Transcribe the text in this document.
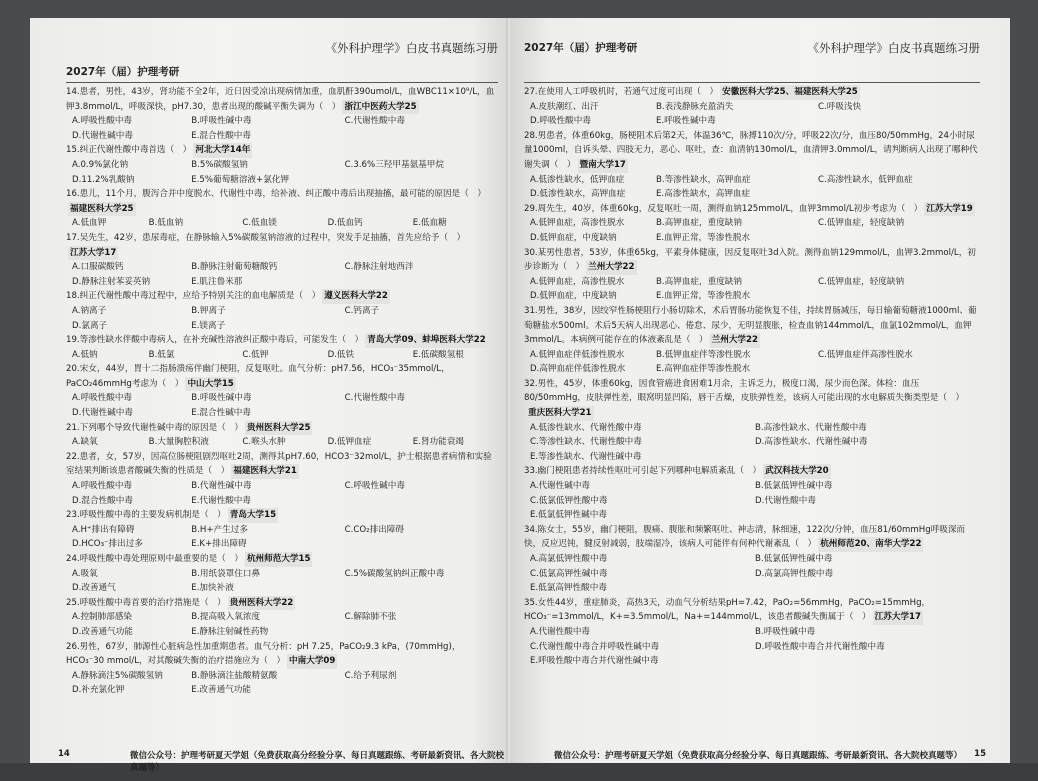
《外科护理学》白皮书真题练习册
2027年（届）护理考研
14.患者，男性，43岁，肾功能不全2年，近日因受凉出现病情加重，血肌酐390umol/L，血WBC11×10⁹/L，血钾3.8mmol/L，呼吸深快，pH7.30，患者出现的酸碱平衡失调为（　） 浙江中医药大学25
A.呼吸性酸中毒	B.呼吸性碱中毒	C.代谢性酸中毒
D.代谢性碱中毒	E.混合性酸中毒
15.纠正代谢性酸中毒首选（　） 河北大学14年
A.0.9%氯化钠	B.5%碳酸氢钠	C.3.6%三羟甲基氨基甲烷
D.11.2%乳酸钠	E.5%葡萄糖溶液+氯化钾
16.患儿，11个月，腹泻合并中度脱水、代谢性中毒，给补液、纠正酸中毒后出现抽搐，最可能的原因是（　）福建医科大学25
A.低血钾	B.低血钠	C.低血镁	D.低血钙	E.低血糖
17.吴先生，42岁，患尿毒症，在静脉输入5%碳酸氢钠溶液的过程中，突发手足抽搐，首先应给予（　）江苏大学17
A.口服碳酸钙	B.静脉注射葡萄糖酸钙	C.静脉注射地西泮
D.静脉注射苯妥英钠	E.肌注鲁米那
18.纠正代谢性酸中毒过程中，应给予特别关注的血电解质是（　） 遵义医科大学22
A.钠离子	B.钾离子	C.钙离子
D.氯离子	E.镁离子
19.等渗性缺水伴酸中毒病人，在补充碱性溶液纠正酸中毒后，可能发生（　） 青岛大学09、蚌埠医科大学22
A.低钠	B.低氯	C.低钾	D.低铁	E.低碳酸氢根
20.宋女，44岁，胃十二指肠溃疡伴幽门梗阻，反复呕吐。血气分析：pH7.56，HCO₃⁻35mmol/L，PaCO₂46mmHg考虑为（　） 中山大学15
A.呼吸性酸中毒	B.呼吸性碱中毒	C.代谢性酸中毒
D.代谢性碱中毒	E.混合性碱中毒
21.下列哪个导致代谢性碱中毒的原因是（　） 贵州医科大学25
A.缺氧	B.大量胸腔积液	C.喉头水肿	D.低钾血症	E.肾功能衰竭
22.患者，女，57岁，因高位肠梗阻剧烈呕吐2周，测得其pH7.60，HCO3⁻32mol/L，护士根据患者病情和实验室结果判断该患者酸碱失衡的性质是（　） 福建医科大学21
A.呼吸性酸中毒	B.代谢性碱中毒	C.呼吸性碱中毒
D.混合性酸中毒	E.代谢性酸中毒
23.呼吸性酸中毒的主要发病机制是（　） 青岛大学15
A.H⁺排出有障碍	B.H+产生过多	C.CO₂排出障碍
D.HCO₃⁻排出过多	E.K+排出障碍
24.呼吸性酸中毒处理原则中最重要的是（　） 杭州师范大学15
A.吸氧	B.用纸袋罩住口鼻	C.5%碳酸氢钠纠正酸中毒
D.改善通气	E.加快补液
25.呼吸性酸中毒首要的治疗措施是（　） 贵州医科大学22
A.控制肺部感染	B.提高吸入氧浓度	C.解除肺不张
D.改善通气功能	E.静脉注射碱性药物
26.男性，67岁，肺源性心脏病急性加重期患者。血气分析：pH 7.25，PaCO₂9.3 kPa，(70mmHg)，HCO₃⁻30 mmol/L，对其酸碱失衡的治疗措施应为（　） 中南大学09
A.静脉滴注5%碳酸氢钠	B.静脉滴注盐酸精氨酸	C.给予利尿剂
D.补充氯化钾	E.改善通气功能
14	微信公众号：护理考研夏天学姐（免费获取高分经验分享、每日真题跟练、考研最新资讯、各大院校真题等）
2027年（届）护理考研	《外科护理学》白皮书真题练习册
27.在使用人工呼吸机时，若通气过度可出现（　） 安徽医科大学25、福建医科大学25
A.皮肤潮红、出汗	B.表浅静脉充盈消失	C.呼吸浅快
D.呼吸性酸中毒	E.呼吸性碱中毒
28.男患者，体重60kg，肠梗阻术后第2天，体温36℃，脉搏110次/分，呼吸22次/分，血压80/50mmHg，24小时尿量1000ml，自诉头晕、四肢无力，恶心、呕吐，查：血清钠130mol/L，血清钾3.0mmol/L，请判断病人出现了哪种代谢失调（　） 暨南大学17
A.低渗性缺水，低钾血症	B.等渗性缺水，高钾血症	C.高渗性缺水，低钾血症
D.低渗性缺水，高钾血症	E.高渗性缺水，高钾血症
29.周先生，40岁，体重60kg，反复呕吐一周，测得血钠125mmol/L，血钾3mmol/L初步考虑为（　） 江苏大学19
A.低钾血症，高渗性脱水	B.高钾血症，重度缺钠	C.低钾血症，轻度缺钠
D.低钾血症，中度缺钠	E.血钾正常，等渗性脱水
30.某男性患者，53岁，体重65kg，平素身体健康，因反复呕吐3d入院。测得血钠129mmol/L，血钾3.2mmol/L，初步诊断为（　） 兰州大学22
A.低钾血症，高渗性脱水	B.高钾血症，重度缺钠	C.低钾血症，轻度缺钠
D.低钾血症，中度缺钠	E.血钾正常，等渗性脱水
31.男性，38岁，因绞窄性肠梗阻行小肠切除术，术后胃肠功能恢复不佳，持续胃肠减压，每日输葡萄糖液1000ml、葡萄糖盐水500ml。术后5天病人出现恶心、倦怠、尿少，无明显腹胀，检查血钠144mmol/L，血氯102mmol/L，血钾3mmol/L。本病例可能存在的体液紊乱是（　） 兰州大学22
A.低钾血症伴低渗性脱水	B.低钾血症伴等渗性脱水	C.低钾血症伴高渗性脱水
D.高钾血症伴低渗性脱水	E.高钾血症伴等渗性脱水
32.男性，45岁，体重60kg，因食管癌进食困难1月余，主诉乏力，极度口渴，尿少而色深。体检：血压80/50mmHg，皮肤弹性差，眼窝明显凹陷，唇干舌燥，皮肤弹性差，该病人可能出现的水电解质失衡类型是（　）重庆医科大学21
A.低渗性缺水、代谢性酸中毒	B.高渗性缺水、代谢性酸中毒
C.等渗性缺水、代谢性酸中毒	D.高渗性缺水、代谢性碱中毒
E.等渗性缺水、代谢性碱中毒
33.幽门梗阻患者持续性呕吐可引起下列哪种电解质紊乱（　） 武汉科技大学20
A.代谢性碱中毒	B.低氯低钾性碱中毒
C.低氯低钾性酸中毒	D.代谢性酸中毒
E.低氯低钾性碱中毒
34.陈女士，55岁，幽门梗阻，腹痛、腹胀和频繁呕吐、神志清，脉细速，122次/分钟，血压81/60mmHg呼吸深而快，反应迟钝，腱反射减弱，肢端湿冷，该病人可能伴有何种代谢紊乱（　） 杭州师范20、南华大学22
A.高氯低钾性酸中毒	B.低氯低钾性碱中毒
C.低氯高钾性碱中毒	D.高氯高钾性酸中毒
E.低氯高钾性酸中毒
35.女性44岁，重症肺炎，高热3天，动血气分析结果pH=7.42，PaO₂=56mmHg，PaCO₂=15mmHg，HCO₃⁻=13mmol/L，K+=3.5mmol/L，Na+=144mmol/L，该患者酸碱失衡属于（　） 江苏大学17
A.代谢性酸中毒	B.呼吸性碱中毒
C.代谢性酸中毒合并呼吸性碱中毒	D.呼吸性酸中毒合并代谢性酸中毒
E.呼吸性酸中毒合并代谢性碱中毒
微信公众号：护理考研夏天学姐（免费获取高分经验分享、每日真题跟练、考研最新资讯、各大院校真题等） 15
